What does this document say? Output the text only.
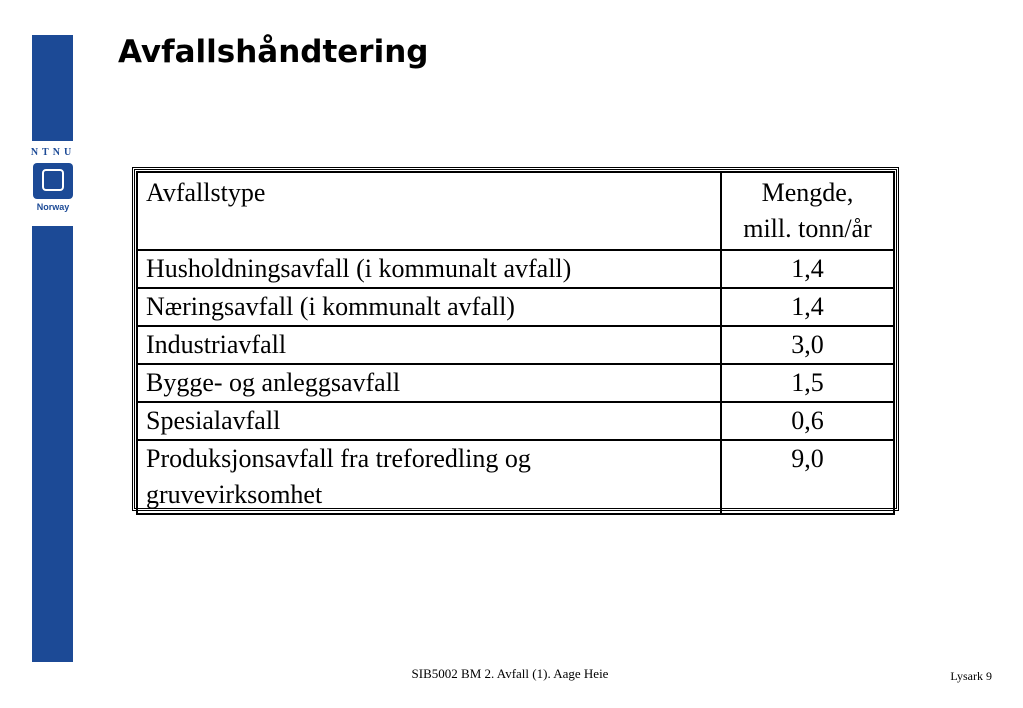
NTNU
Norway
Avfallshåndtering
Avfallstype	Mengde,
mill. tonn/år

Husholdningsavfall (i kommunalt avfall)	1,4
Næringsavfall (i kommunalt avfall)	1,4
Industriavfall	3,0
Bygge- og anleggsavfall	1,5
Spesialavfall	0,6
Produksjonsavfall fra treforedling og gruvevirksomhet	9,0
SIB5002 BM 2. Avfall (1). Aage Heie	Lysark 9
